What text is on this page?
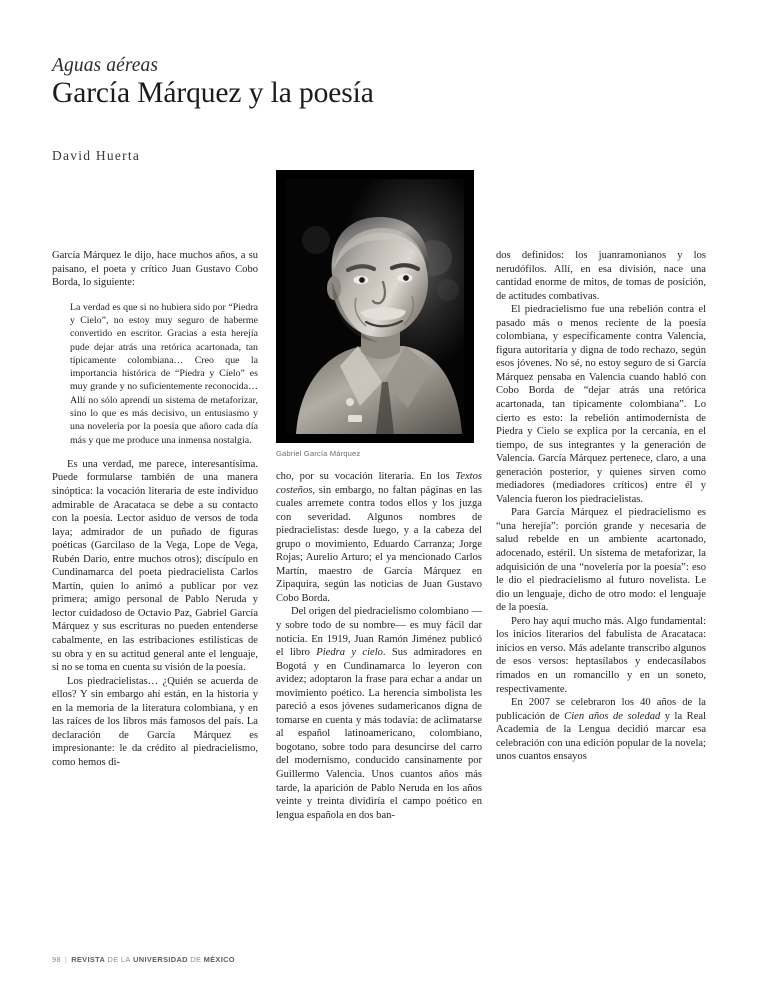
Aguas aéreas
García Márquez y la poesía
David Huerta
Gabriel García Márquez

García Márquez le dijo, hace muchos años, a su paisano, el poeta y crítico Juan Gustavo Cobo Borda, lo siguiente:

La verdad es que si no hubiera sido por “Piedra y Cielo”, no estoy muy seguro de haberme convertido en escritor. Gracias a esta herejía pude dejar atrás una retórica acartonada, tan típicamente colombiana… Creo que la importancia histórica de “Piedra y Cielo” es muy grande y no suficientemente reconocida… Allí no sólo aprendí un sistema de metaforizar, sino lo que es más decisivo, un entusiasmo y una novelería por la poesía que añoro cada día más y que me produce una inmensa nostalgia.

Es una verdad, me parece, interesantísima. Puede formularse también de una manera sinóptica: la vocación literaria de este individuo admirable de Aracataca se debe a su contacto con la poesía. Lector asiduo de versos de toda laya; admirador de un puñado de figuras poéticas (Garcilaso de la Vega, Lope de Vega, Rubén Darío, entre muchos otros); discípulo en Cundinamarca del poeta piedracielista Carlos Martín, quien lo animó a publicar por vez primera; amigo personal de Pablo Neruda y lector cuidadoso de Octavio Paz, Gabriel García Márquez y sus escrituras no pueden entenderse cabalmente, en las estribaciones estilísticas de su obra y en su actitud general ante el lenguaje, si no se toma en cuenta su visión de la poesía.

Los piedracielistas… ¿Quién se acuerda de ellos? Y sin embargo ahí están, en la historia y en la memoria de la literatura colombiana, y en las raíces de los libros más famosos del país. La declaración de García Márquez es impresionante: le da crédito al piedracielismo, como hemos di-

cho, por su vocación literaria. En los Textos costeños, sin embargo, no faltan páginas en las cuales arremete contra todos ellos y los juzga con severidad. Algunos nombres de piedracielistas: desde luego, y a la cabeza del grupo o movimiento, Eduardo Carranza; Jorge Rojas; Aurelio Arturo; el ya mencionado Carlos Martín, maestro de García Márquez en Zipaquira, según las noticias de Juan Gustavo Cobo Borda.

Del origen del piedracielismo colombiano —y sobre todo de su nombre— es muy fácil dar noticia. En 1919, Juan Ramón Jiménez publicó el libro Piedra y cielo. Sus admiradores en Bogotá y en Cundinamarca lo leyeron con avidez; adoptaron la frase para echar a andar un movimiento poético. La herencia simbolista les pareció a esos jóvenes sudamericanos digna de tomarse en cuenta y más todavía: de aclimatarse al español latinoamericano, colombiano, bogotano, sobre todo para desuncirse del carro del modernismo, conducido cansinamente por Guillermo Valencia. Unos cuantos años más tarde, la aparición de Pablo Neruda en los años veinte y treinta dividiría el campo poético en lengua española en dos ban-

dos definidos: los juanramonianos y los nerudófilos. Allí, en esa división, nace una cantidad enorme de mitos, de tomas de posición, de actitudes combativas.

El piedracielismo fue una rebelión contra el pasado más o menos reciente de la poesía colombiana, y específicamente contra Valencia, figura autoritaria y digna de todo rechazo, según esos jóvenes. No sé, no estoy seguro de si García Márquez pensaba en Valencia cuando habló con Cobo Borda de “dejar atrás una retórica acartonada, tan típicamente colombiana”. Lo cierto es esto: la rebelión antimodernista de Piedra y Cielo se explica por la cercanía, en el tiempo, de sus integrantes y la generación de Valencia. García Márquez pertenece, claro, a una generación posterior, y quienes sirven como mediadores (mediadores críticos) entre él y Valencia fueron los piedracielistas.

Para García Márquez el piedracielismo es “una herejía”: porción grande y necesaria de salud rebelde en un ambiente acartonado, adocenado, estéril. Un sistema de metaforizar, la adquisición de una “novelería por la poesía”: eso le dio el piedracielismo al futuro novelista. Le dio un lenguaje, dicho de otro modo: el lenguaje de la poesía.

Pero hay aquí mucho más. Algo fundamental: los inicios literarios del fabulista de Aracataca: inicios en verso. Más adelante transcribo algunos de esos versos: heptasílabos y endecasílabos rimados en un romancillo y en un soneto, respectivamente.

En 2007 se celebraron los 40 años de la publicación de Cien años de soledad y la Real Academia de la Lengua decidió marcar esa celebración con una edición popular de la novela; unos cuantos ensayos

98 | REVISTA DE LA UNIVERSIDAD DE MÉXICO
